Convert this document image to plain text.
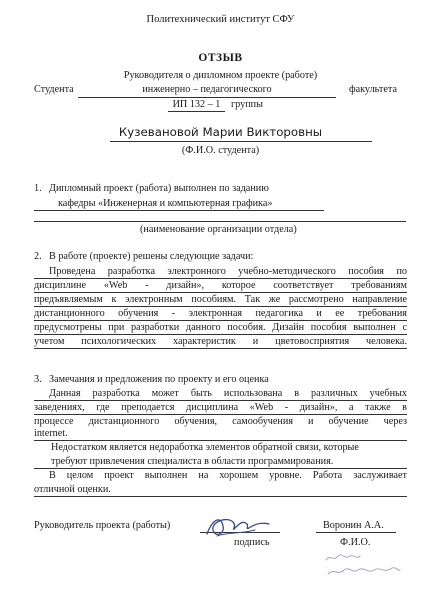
Политехнический институт СФУ
ОТЗЫВ
Руководителя о дипломном проекте (работе)
Студента	инженерно – педагогического	факультета
ИП 132 – 1	группы
Кузевановой Марии Викторовны
(Ф.И.О. студента)
1. Дипломный проект (работа) выполнен по заданию
кафедры «Инженерная и компьютерная графика»
(наименование организации отдела)
2. В работе (проекте) решены следующие задачи:
Проведена разработка электронного учебно-методического пособия по
дисциплине «Web - дизайн», которое соответствует требованиям
предъявляемым к электронным пособиям. Так же рассмотрено направление
дистанционного обучения - электронная педагогика и ее требования
предусмотрены при разработки данного пособия. Дизайн пособия выполнен с
учетом психологических характеристик и цветовосприятия человека.
3. Замечания и предложения по проекту и его оценка
Данная разработка может быть использована в различных учебных
заведениях, где преподается дисциплина «Web - дизайн», а также в
процессе дистанционного обучения, самообучения и обучение через
internet.
Недостатком является недоработка элементов обратной связи, которые
требуют привлечения специалиста в области программирования.
В целом проект выполнен на хорошем уровне. Работа заслуживает
отличной оценки.
Руководитель проекта (работы)
подпись
Воронин А.А.
Ф.И.О.
